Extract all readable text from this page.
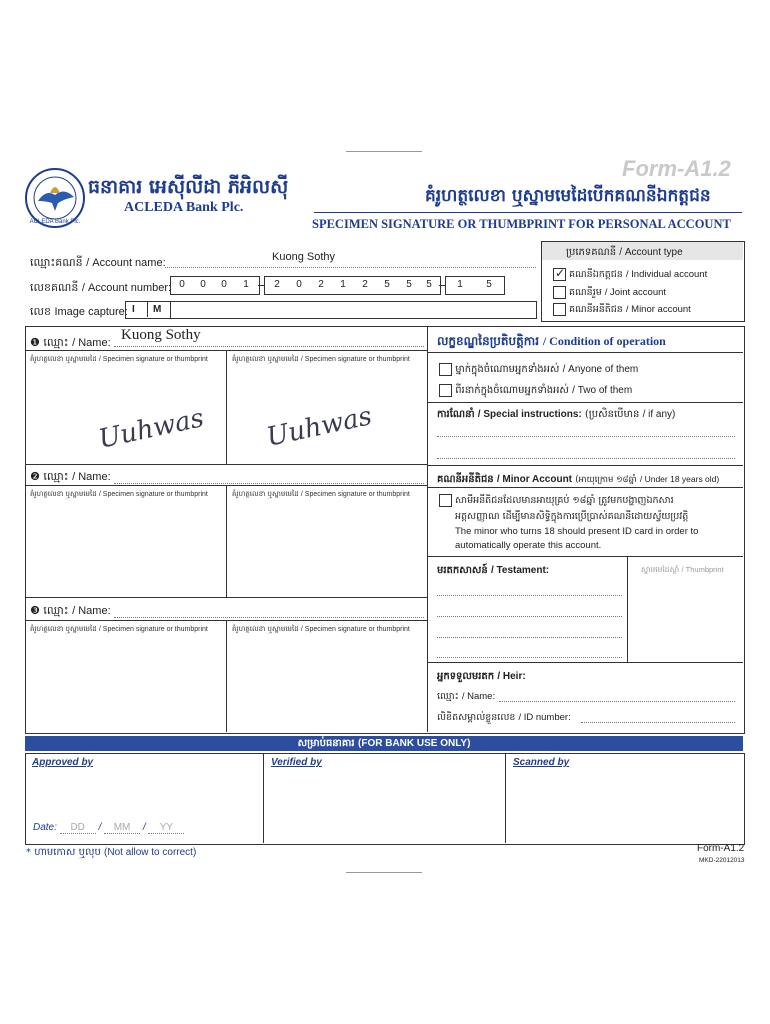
ACLEDA Bank Plc.
ធនាគារ អេស៊ីលីដា ភីអិលស៊ី
ACLEDA Bank Plc.
Form-A1.2
គំរូហត្ថលេខា ឬស្នាមមេដៃបើកគណនីឯកត្តជន
SPECIMEN SIGNATURE OR THUMBPRINT FOR PERSONAL ACCOUNT
ឈ្មោះគណនី / Account name:	Kuong Sothy
លេខគណនី / Account number: 0	0	0	1	2	0	2	1	2	5	5	5	1	5
លេខ Image capture: I M
ប្រភេទគណនី / Account type
✓ គណនីឯកត្តជន / Individual account
គណនីរួម / Joint account
គណនីអនីតិជន / Minor account
❶ ឈ្មោះ / Name: Kuong Sothy
គំរូហត្ថលេខា ឬស្នាមមេដៃ / Specimen signature or thumbprint	គំរូហត្ថលេខា ឬស្នាមមេដៃ / Specimen signature or thumbprint
Uuhwas Uuhwas
❷ ឈ្មោះ / Name:
គំរូហត្ថលេខា ឬស្នាមមេដៃ / Specimen signature or thumbprint	គំរូហត្ថលេខា ឬស្នាមមេដៃ / Specimen signature or thumbprint
❸ ឈ្មោះ / Name:
គំរូហត្ថលេខា ឬស្នាមមេដៃ / Specimen signature or thumbprint	គំរូហត្ថលេខា ឬស្នាមមេដៃ / Specimen signature or thumbprint
លក្ខខណ្ឌនៃប្រតិបត្តិការ / Condition of operation
ម្នាក់ក្នុងចំណោមអ្នកទាំងអស់ / Anyone of them
ពីរនាក់ក្នុងចំណោមអ្នកទាំងអស់ / Two of them
ការណែនាំ / Special instructions: (ប្រសិនបើមាន / if any)
គណនីអនីតិជន / Minor Account (អាយុក្រោម ១៨ឆ្នាំ / Under 18 years old)
សាមីអនីតិជនដែលមានអាយុគ្រប់ ១៨ឆ្នាំ ត្រូវមកបង្ហាញឯកសារ
អត្តសញ្ញាណ ដើម្បីមានសិទ្ធិក្នុងការប្រើប្រាស់គណនីដោយស្វ័យប្រវត្តិ
The minor who turns 18 should present ID card in order to
automatically operate this account.
មរតកសាសន៍ / Testament:	ស្នាមមេដៃស្តាំ / Thumbprint
អ្នកទទួលមរតក / Heir:
ឈ្មោះ / Name:
លិខិតសម្គាល់ខ្លួនលេខ / ID number:
សម្រាប់ធនាគារ (FOR BANK USE ONLY)
Approved by	Verified by	Scanned by
Date: DD / MM / YY
* ហាមកោស ឬលុប (Not allow to correct)	Form-A1.2
MKD-22012013
